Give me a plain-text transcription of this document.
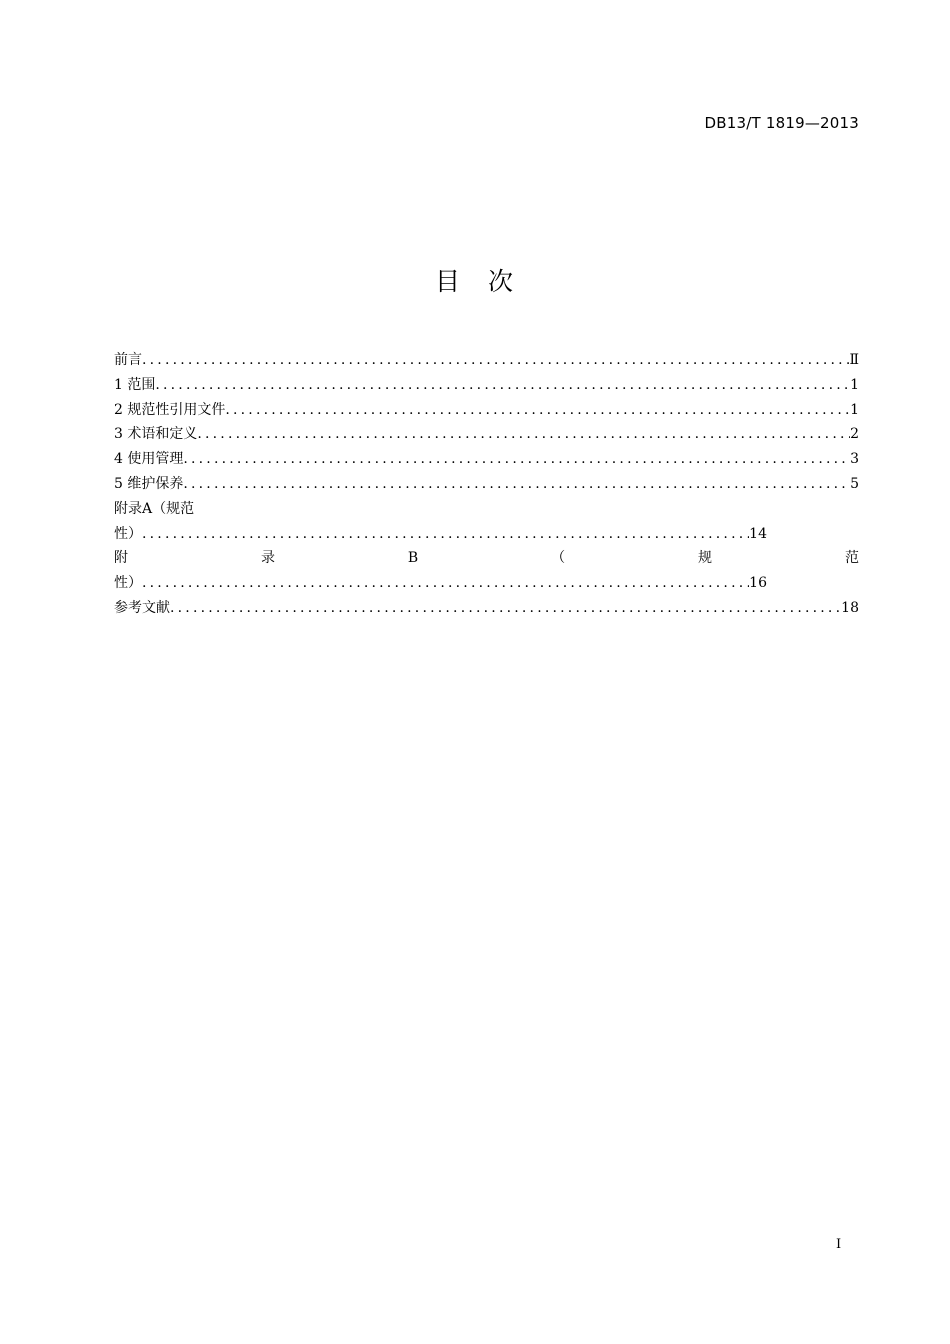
DB13/T 1819—2013
目 次
前言 .....	Ⅱ
1 范围 .....	1
2 规范性引用文件 .....	1
3 术语和定义 .....	2
4 使用管理 .....	3
5 维护保养 .....	5
附录A（规范
性） .....	14
附	录	B	（	规	范
性） .....	16
参考文献 .....	18
I
